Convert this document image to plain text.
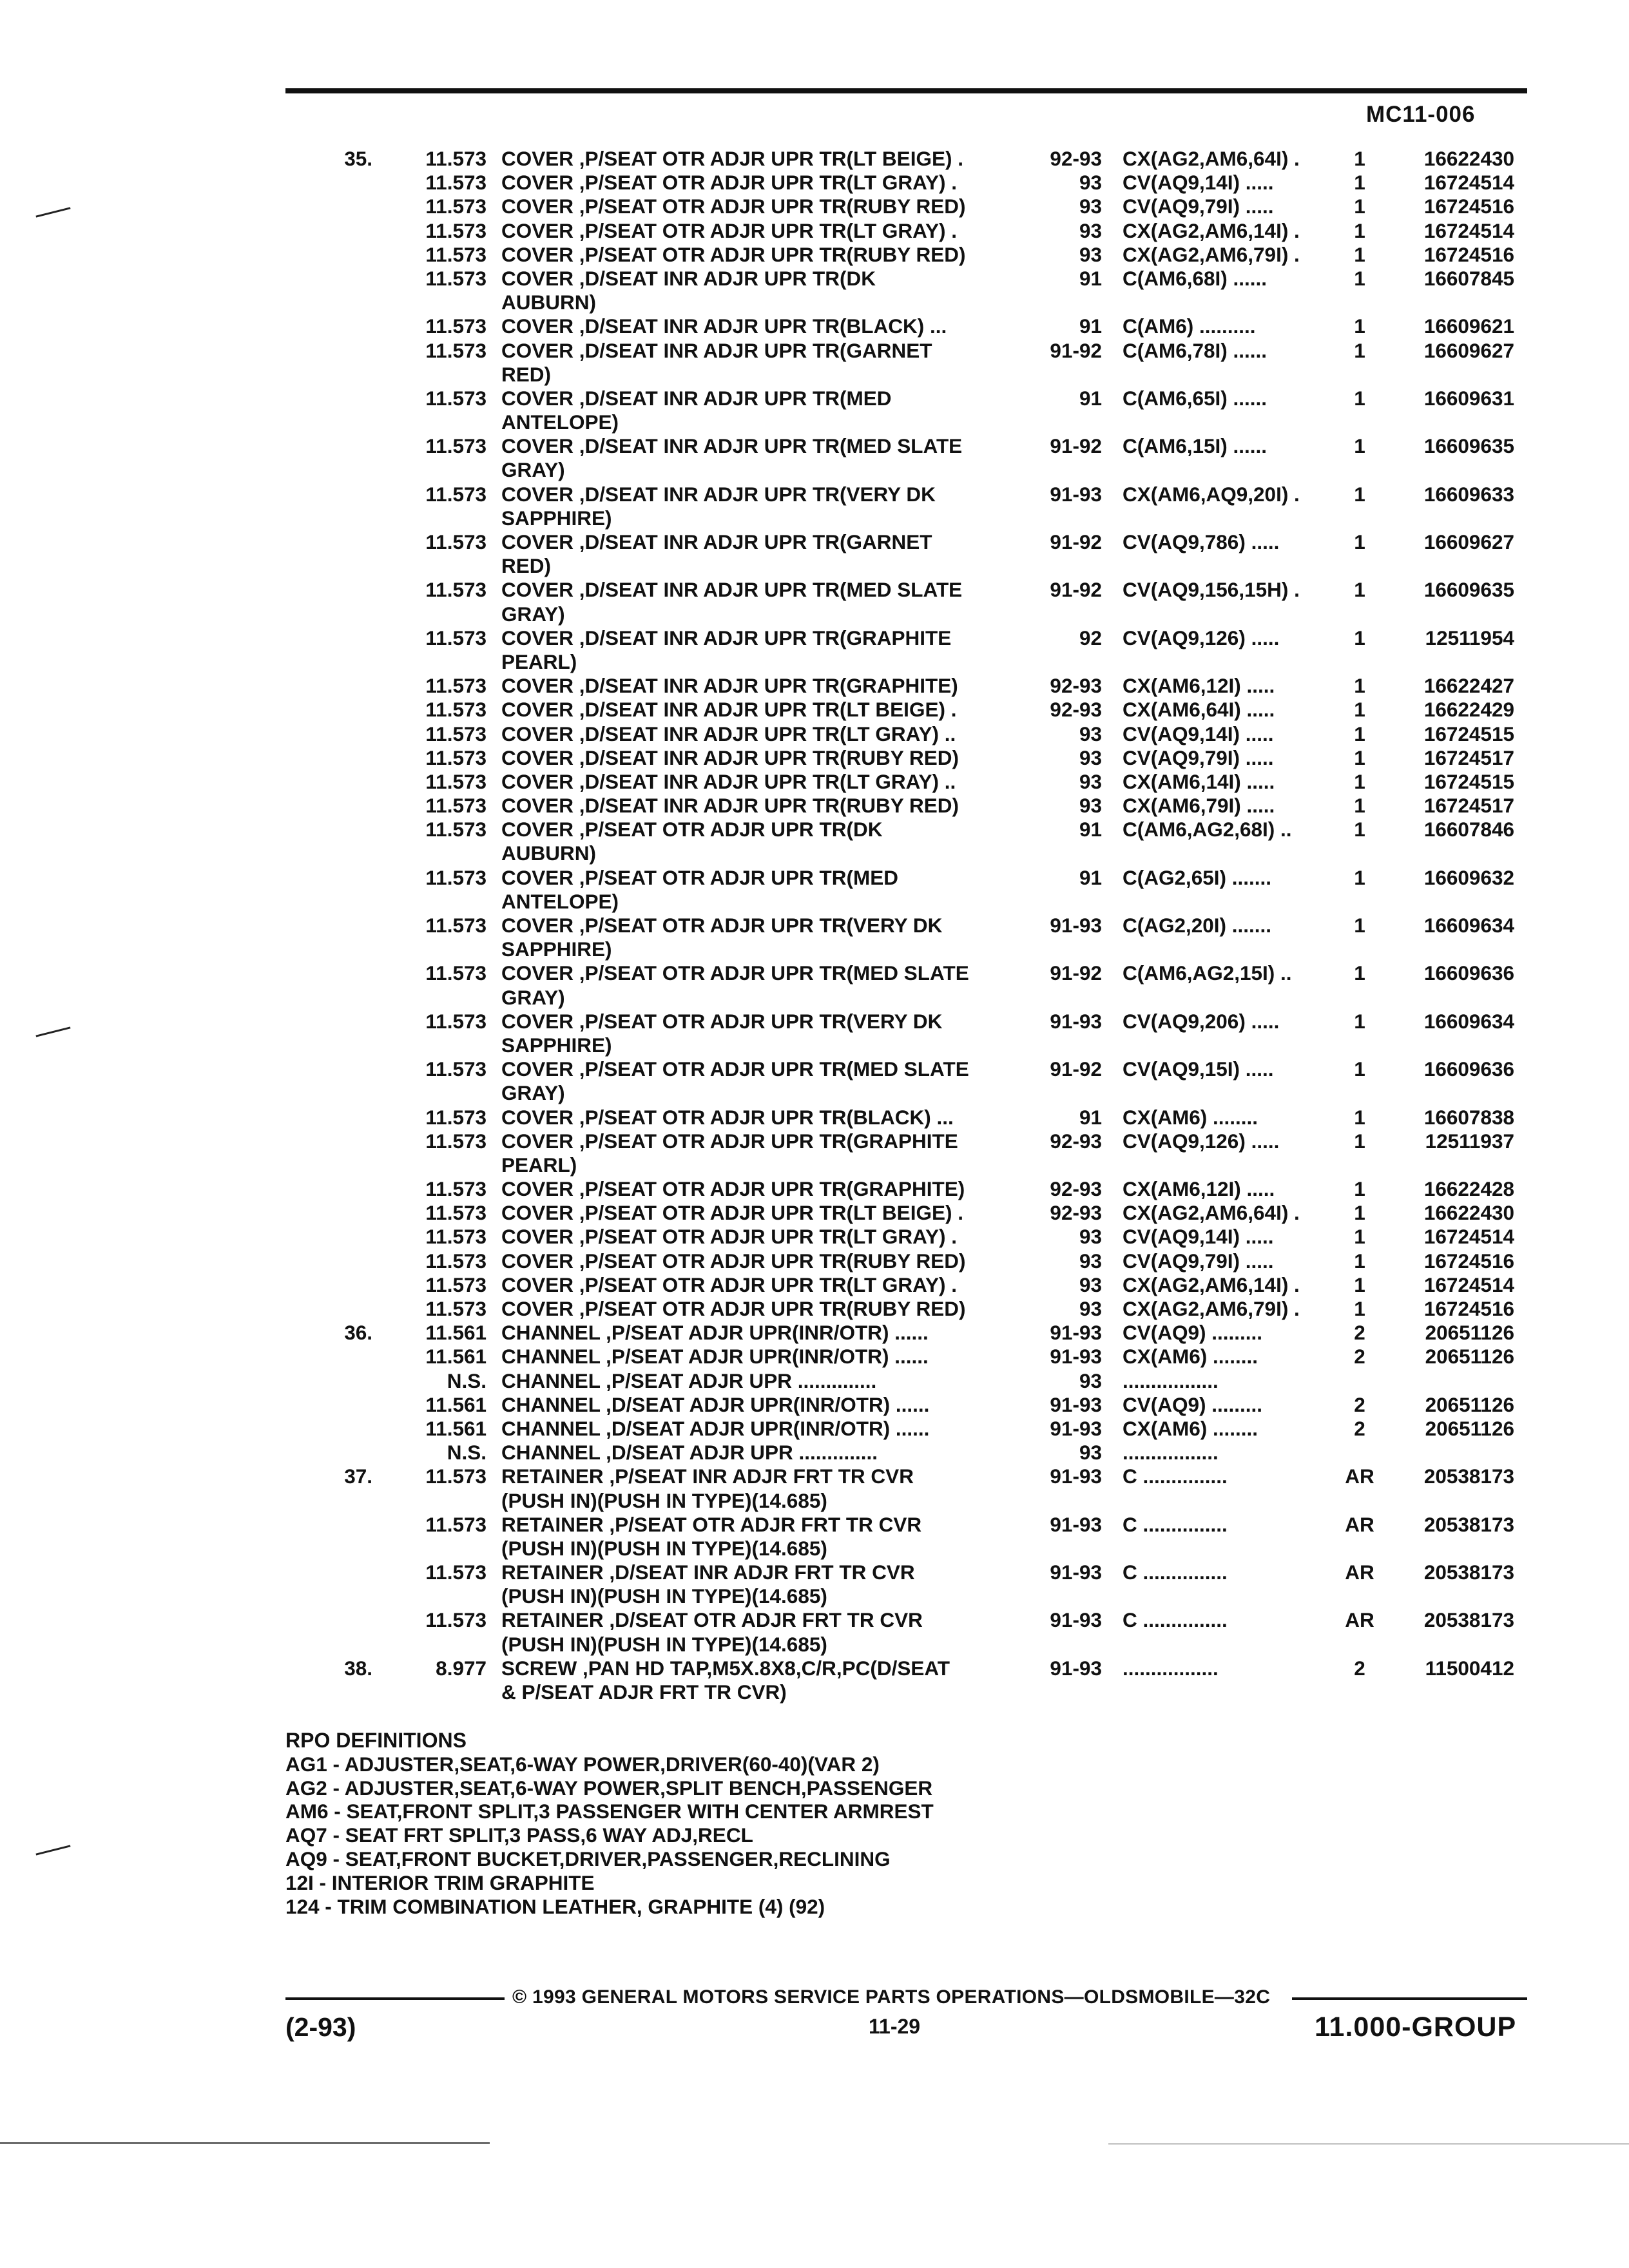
MC11-006
35.	11.573 COVER ,P/SEAT OTR ADJR UPR TR(LT BEIGE) .	92-93 CX(AG2,AM6,64I) .	1	16622430
11.573 COVER ,P/SEAT OTR ADJR UPR TR(LT GRAY) .	93 CV(AQ9,14I) .....	1	16724514
11.573 COVER ,P/SEAT OTR ADJR UPR TR(RUBY RED)	93 CV(AQ9,79I) .....	1	16724516
11.573 COVER ,P/SEAT OTR ADJR UPR TR(LT GRAY) .	93 CX(AG2,AM6,14I) .	1	16724514
11.573 COVER ,P/SEAT OTR ADJR UPR TR(RUBY RED)	93 CX(AG2,AM6,79I) .	1	16724516
11.573 COVER ,D/SEAT INR ADJR UPR TR(DK	91 C(AM6,68I) ......	1	16607845
AUBURN)
11.573 COVER ,D/SEAT INR ADJR UPR TR(BLACK) ...	91 C(AM6) ..........	1	16609621
11.573 COVER ,D/SEAT INR ADJR UPR TR(GARNET	91-92 C(AM6,78I) ......	1	16609627
RED)
11.573 COVER ,D/SEAT INR ADJR UPR TR(MED	91 C(AM6,65I) ......	1	16609631
ANTELOPE)
11.573 COVER ,D/SEAT INR ADJR UPR TR(MED SLATE	91-92 C(AM6,15I) ......	1	16609635
GRAY)
11.573 COVER ,D/SEAT INR ADJR UPR TR(VERY DK	91-93 CX(AM6,AQ9,20I) .	1	16609633
SAPPHIRE)
11.573 COVER ,D/SEAT INR ADJR UPR TR(GARNET	91-92 CV(AQ9,786) .....	1	16609627
RED)
11.573 COVER ,D/SEAT INR ADJR UPR TR(MED SLATE	91-92 CV(AQ9,156,15H) .	1	16609635
GRAY)
11.573 COVER ,D/SEAT INR ADJR UPR TR(GRAPHITE	92 CV(AQ9,126) .....	1	12511954
PEARL)
11.573 COVER ,D/SEAT INR ADJR UPR TR(GRAPHITE)	92-93 CX(AM6,12I) .....	1	16622427
11.573 COVER ,D/SEAT INR ADJR UPR TR(LT BEIGE) .	92-93 CX(AM6,64I) .....	1	16622429
11.573 COVER ,D/SEAT INR ADJR UPR TR(LT GRAY) ..	93 CV(AQ9,14I) .....	1	16724515
11.573 COVER ,D/SEAT INR ADJR UPR TR(RUBY RED)	93 CV(AQ9,79I) .....	1	16724517
11.573 COVER ,D/SEAT INR ADJR UPR TR(LT GRAY) ..	93 CX(AM6,14I) .....	1	16724515
11.573 COVER ,D/SEAT INR ADJR UPR TR(RUBY RED)	93 CX(AM6,79I) .....	1	16724517
11.573 COVER ,P/SEAT OTR ADJR UPR TR(DK	91 C(AM6,AG2,68I) ..	1	16607846
AUBURN)
11.573 COVER ,P/SEAT OTR ADJR UPR TR(MED	91 C(AG2,65I) .......	1	16609632
ANTELOPE)
11.573 COVER ,P/SEAT OTR ADJR UPR TR(VERY DK	91-93 C(AG2,20I) .......	1	16609634
SAPPHIRE)
11.573 COVER ,P/SEAT OTR ADJR UPR TR(MED SLATE	91-92 C(AM6,AG2,15I) ..	1	16609636
GRAY)
11.573 COVER ,P/SEAT OTR ADJR UPR TR(VERY DK	91-93 CV(AQ9,206) .....	1	16609634
SAPPHIRE)
11.573 COVER ,P/SEAT OTR ADJR UPR TR(MED SLATE	91-92 CV(AQ9,15I) .....	1	16609636
GRAY)
11.573 COVER ,P/SEAT OTR ADJR UPR TR(BLACK) ...	91 CX(AM6) ........	1	16607838
11.573 COVER ,P/SEAT OTR ADJR UPR TR(GRAPHITE	92-93 CV(AQ9,126) .....	1	12511937
PEARL)
11.573 COVER ,P/SEAT OTR ADJR UPR TR(GRAPHITE)	92-93 CX(AM6,12I) .....	1	16622428
11.573 COVER ,P/SEAT OTR ADJR UPR TR(LT BEIGE) .	92-93 CX(AG2,AM6,64I) .	1	16622430
11.573 COVER ,P/SEAT OTR ADJR UPR TR(LT GRAY) .	93 CV(AQ9,14I) .....	1	16724514
11.573 COVER ,P/SEAT OTR ADJR UPR TR(RUBY RED)	93 CV(AQ9,79I) .....	1	16724516
11.573 COVER ,P/SEAT OTR ADJR UPR TR(LT GRAY) .	93 CX(AG2,AM6,14I) .	1	16724514
11.573 COVER ,P/SEAT OTR ADJR UPR TR(RUBY RED)	93 CX(AG2,AM6,79I) .	1	16724516
36.	11.561 CHANNEL ,P/SEAT ADJR UPR(INR/OTR) ......	91-93 CV(AQ9) .........	2	20651126
11.561 CHANNEL ,P/SEAT ADJR UPR(INR/OTR) ......	91-93 CX(AM6) ........	2	20651126
N.S. CHANNEL ,P/SEAT ADJR UPR ..............	93 .................
11.561 CHANNEL ,D/SEAT ADJR UPR(INR/OTR) ......	91-93 CV(AQ9) .........	2	20651126
11.561 CHANNEL ,D/SEAT ADJR UPR(INR/OTR) ......	91-93 CX(AM6) ........	2	20651126
N.S. CHANNEL ,D/SEAT ADJR UPR ..............	93 .................
37.	11.573 RETAINER ,P/SEAT INR ADJR FRT TR CVR	91-93 C ...............	AR	20538173
(PUSH IN)(PUSH IN TYPE)(14.685)
11.573 RETAINER ,P/SEAT OTR ADJR FRT TR CVR	91-93 C ...............	AR	20538173
(PUSH IN)(PUSH IN TYPE)(14.685)
11.573 RETAINER ,D/SEAT INR ADJR FRT TR CVR	91-93 C ...............	AR	20538173
(PUSH IN)(PUSH IN TYPE)(14.685)
11.573 RETAINER ,D/SEAT OTR ADJR FRT TR CVR	91-93 C ...............	AR	20538173
(PUSH IN)(PUSH IN TYPE)(14.685)
38.	8.977 SCREW ,PAN HD TAP,M5X.8X8,C/R,PC(D/SEAT	91-93 .................	2	11500412
& P/SEAT ADJR FRT TR CVR)
RPO DEFINITIONS
AG1 - ADJUSTER,SEAT,6-WAY POWER,DRIVER(60-40)(VAR 2)
AG2 - ADJUSTER,SEAT,6-WAY POWER,SPLIT BENCH,PASSENGER
AM6 - SEAT,FRONT SPLIT,3 PASSENGER WITH CENTER ARMREST
AQ7 - SEAT FRT SPLIT,3 PASS,6 WAY ADJ,RECL
AQ9 - SEAT,FRONT BUCKET,DRIVER,PASSENGER,RECLINING
12I - INTERIOR TRIM GRAPHITE
124 - TRIM COMBINATION LEATHER, GRAPHITE (4) (92)
© 1993 GENERAL MOTORS SERVICE PARTS OPERATIONS—OLDSMOBILE—32C
(2-93)	11-29	11.000-GROUP
